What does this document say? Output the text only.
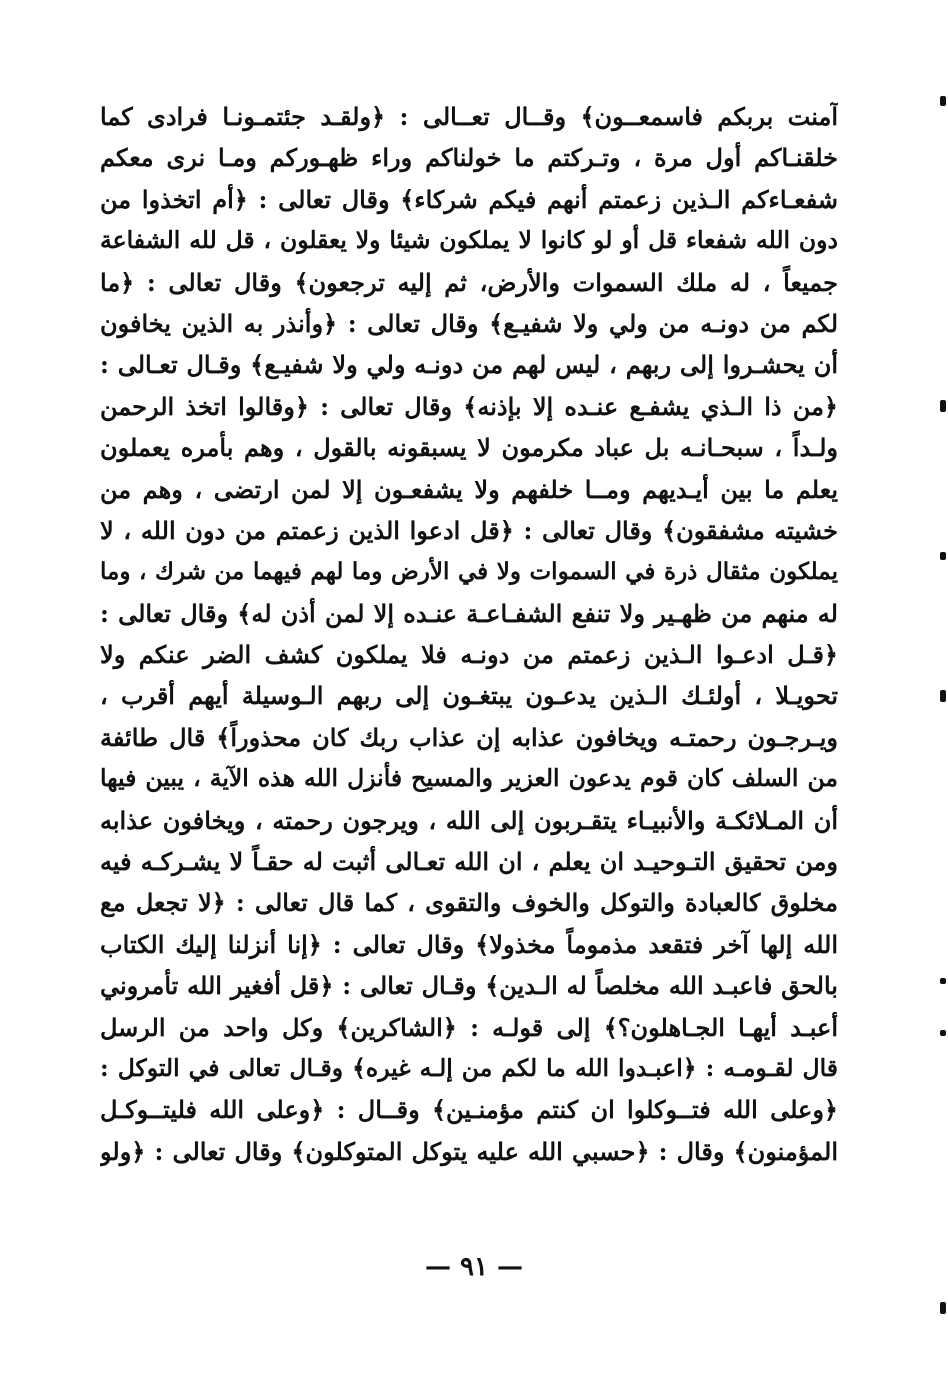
آمنت بربكم فاسمعــون﴾ وقــال تعــالى : ﴿ولقـد جئتمـونـا فرادى كما
خلقنـاكم أول مرة ، وتـركتم ما خولناكم وراء ظهـوركم ومـا نرى معكم
شفعـاءكم الـذين زعمتم أنهم فيكم شركاء﴾ وقال تعالى : ﴿أم اتخذوا من
دون الله شفعاء قل أو لو كانوا لا يملكون شيئا ولا يعقلون ، قل لله الشفاعة
جميعاً ، له ملك السموات والأرض، ثم إليه ترجعون﴾ وقال تعالى : ﴿ما
لكم من دونـه من ولي ولا شفيـع﴾ وقال تعالى : ﴿وأنذر به الذين يخافون
أن يحشـروا إلى ربهم ، ليس لهم من دونـه ولي ولا شفيـع﴾ وقـال تعـالى :
﴿من ذا الـذي يشفـع عنـده إلا بإذنه﴾ وقال تعالى : ﴿وقالوا اتخذ الرحمن
ولـداً ، سبحـانـه بل عباد مكرمون لا يسبقونه بالقول ، وهم بأمره يعملون
يعلم ما بين أيـديهم ومــا خلفهم ولا يشفعـون إلا لمن ارتضى ، وهم من
خشيته مشفقون﴾ وقال تعالى : ﴿قل ادعوا الذين زعمتم من دون الله ، لا
يملكون مثقال ذرة في السموات ولا في الأرض وما لهم فيهما من شرك ، وما
له منهم من ظهـير ولا تنفع الشفـاعـة عنـده إلا لمن أذن له﴾ وقال تعالى :
﴿قـل ادعـوا الـذين زعمتم من دونـه فلا يملكون كشف الضر عنكم ولا
تحويـلا ، أولئـك الـذين يدعـون يبتغـون إلى ربهم الـوسيلة أيهم أقرب ،
ويـرجـون رحمتـه ويخافون عذابه إن عذاب ربك كان محذوراً﴾ قال طائفة
من السلف كان قوم يدعون العزير والمسيح فأنزل الله هذه الآية ، يبين فيها
أن المـلائكـة والأنبيـاء يتقـربون إلى الله ، ويرجون رحمته ، ويخافون عذابه
ومن تحقيق التـوحيـد ان يعلم ، ان الله تعـالى أثبت له حقـاً لا يشـركـه فيه
مخلوق كالعبادة والتوكل والخوف والتقوى ، كما قال تعالى : ﴿لا تجعل مع
الله إلها آخر فتقعد مذموماً مخذولا﴾ وقال تعالى : ﴿إنا أنزلنا إليك الكتاب
بالحق فاعبـد الله مخلصاً له الـدين﴾ وقـال تعالى : ﴿قل أفغير الله تأمروني
أعبـد أيهـا الجـاهلون؟﴾ إلى قولـه : ﴿الشاكرين﴾ وكل واحد من الرسل
قال لقـومـه : ﴿اعبـدوا الله ما لكم من إلـه غيره﴾ وقـال تعالى في التوكل :
﴿وعلى الله فتــوكلوا ان كنتم مؤمنـين﴾ وقــال : ﴿وعلى الله فليتــوكـل
المؤمنون﴾ وقال : ﴿حسبي الله عليه يتوكل المتوكلون﴾ وقال تعالى : ﴿ولو
— ٩١ —
